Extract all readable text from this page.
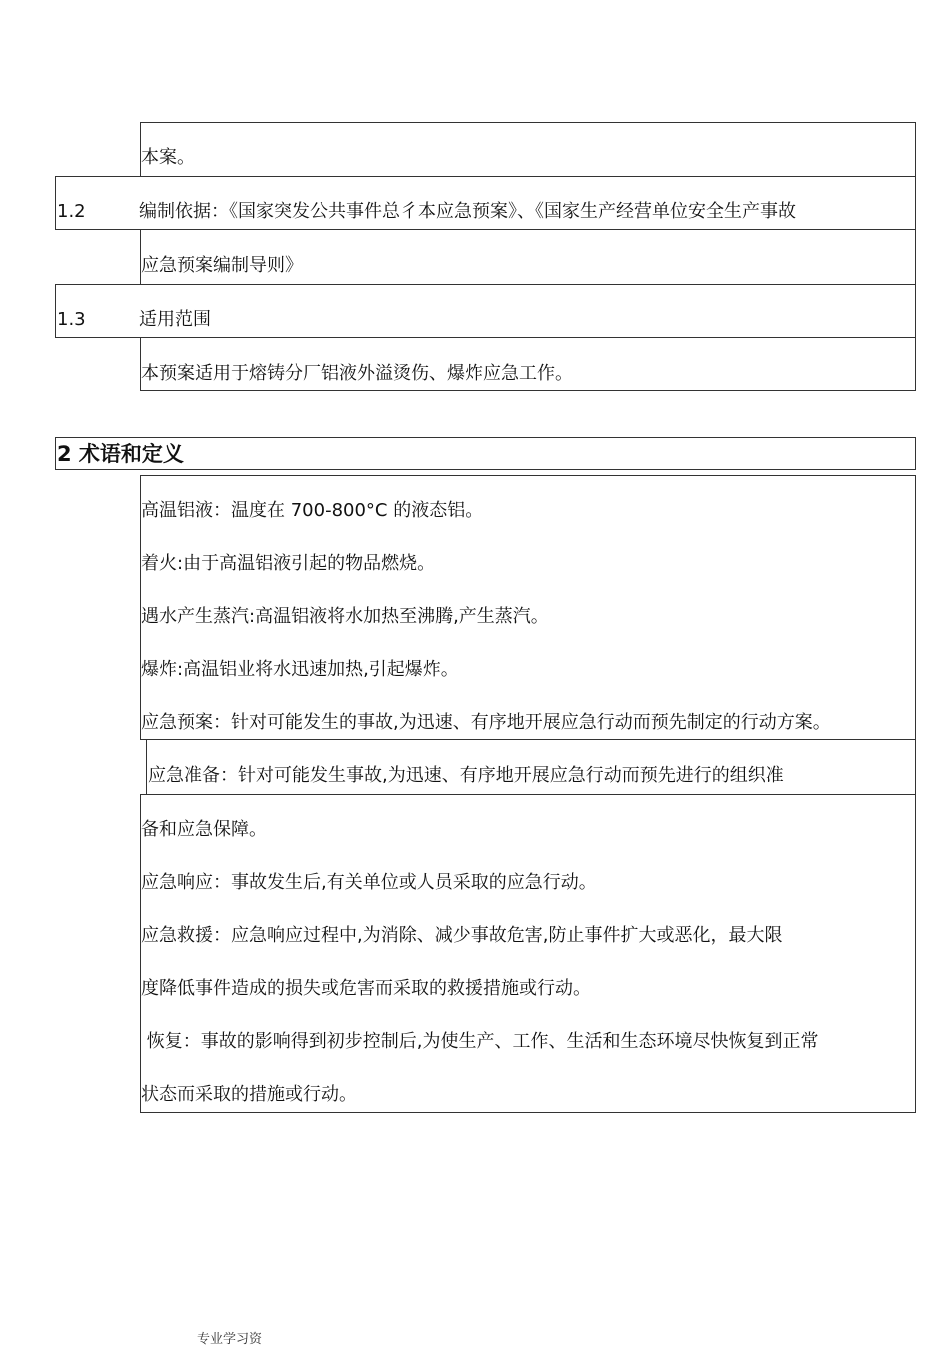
本案。
1.2	编制依据：《国家突发公共事件总彳本应急预案》、《国家生产经营单位安全生产事故
应急预案编制导则》
1.3	适用范围
本预案适用于熔铸分厂铝液外溢烫伤、爆炸应急工作。
2 术语和定义
高温铝液：温度在 700-800°C 的液态铝。
着火:由于高温铝液引起的物品燃烧。
遇水产生蒸汽:高温铝液将水加热至沸腾,产生蒸汽。
爆炸:高温铝业将水迅速加热,引起爆炸。
应急预案：针对可能发生的事故,为迅速、有序地开展应急行动而预先制定的行动方案。
应急准备：针对可能发生事故,为迅速、有序地开展应急行动而预先进行的组织准
备和应急保障。
应急响应：事故发生后,有关单位或人员采取的应急行动。
应急救援：应急响应过程中,为消除、减少事故危害,防止事件扩大或恶化，最大限
度降低事件造成的损失或危害而采取的救援措施或行动。
恢复：事故的影响得到初步控制后,为使生产、工作、生活和生态环境尽快恢复到正常
状态而采取的措施或行动。
专业学习资
